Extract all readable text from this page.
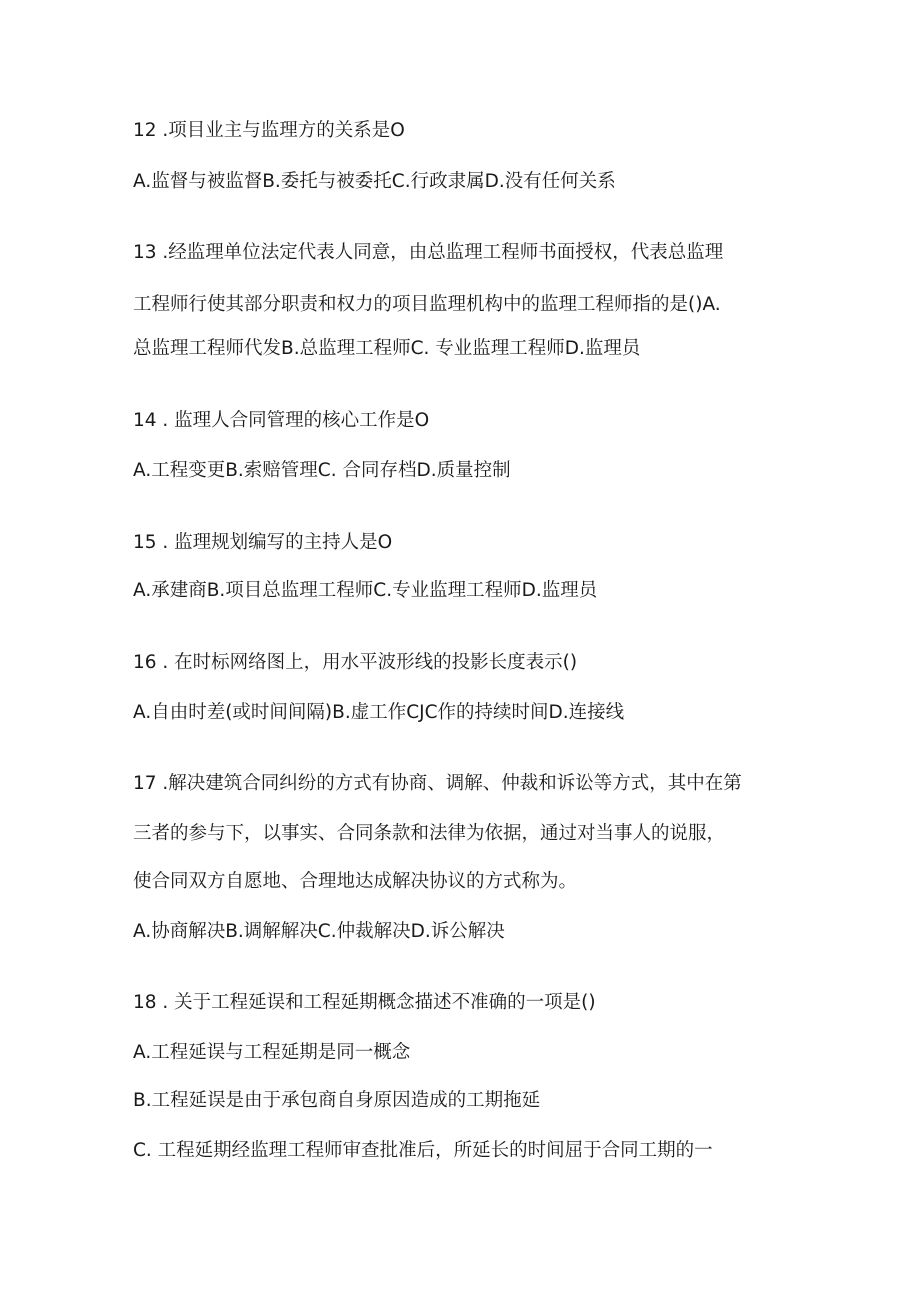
12 .项目业主与监理方的关系是O
A.监督与被监督B.委托与被委托C.行政隶属D.没有任何关系
13 .经监理单位法定代表人同意，由总监理工程师书面授权，代表总监理
工程师行使其部分职责和权力的项目监理机构中的监理工程师指的是()A.
总监理工程师代发B.总监理工程师C. 专业监理工程师D.监理员
14 . 监理人合同管理的核心工作是O
A.工程变更B.索赔管理C. 合同存档D.质量控制
15 . 监理规划编写的主持人是O
A.承建商B.项目总监理工程师C.专业监理工程师D.监理员
16 . 在时标网络图上，用水平波形线的投影长度表示()
A.自由时差(或时间间隔)B.虚工作CJC作的持续时间D.连接线
17 .解决建筑合同纠纷的方式有协商、调解、仲裁和诉讼等方式，其中在第
三者的参与下，以事实、合同条款和法律为依据，通过对当事人的说服，
使合同双方自愿地、合理地达成解决协议的方式称为。
A.协商解决B.调解解决C.仲裁解决D.诉公解决
18 . 关于工程延误和工程延期概念描述不准确的一项是()
A.工程延误与工程延期是同一概念
B.工程延误是由于承包商自身原因造成的工期拖延
C. 工程延期经监理工程师审查批准后，所延长的时间屈于合同工期的一
